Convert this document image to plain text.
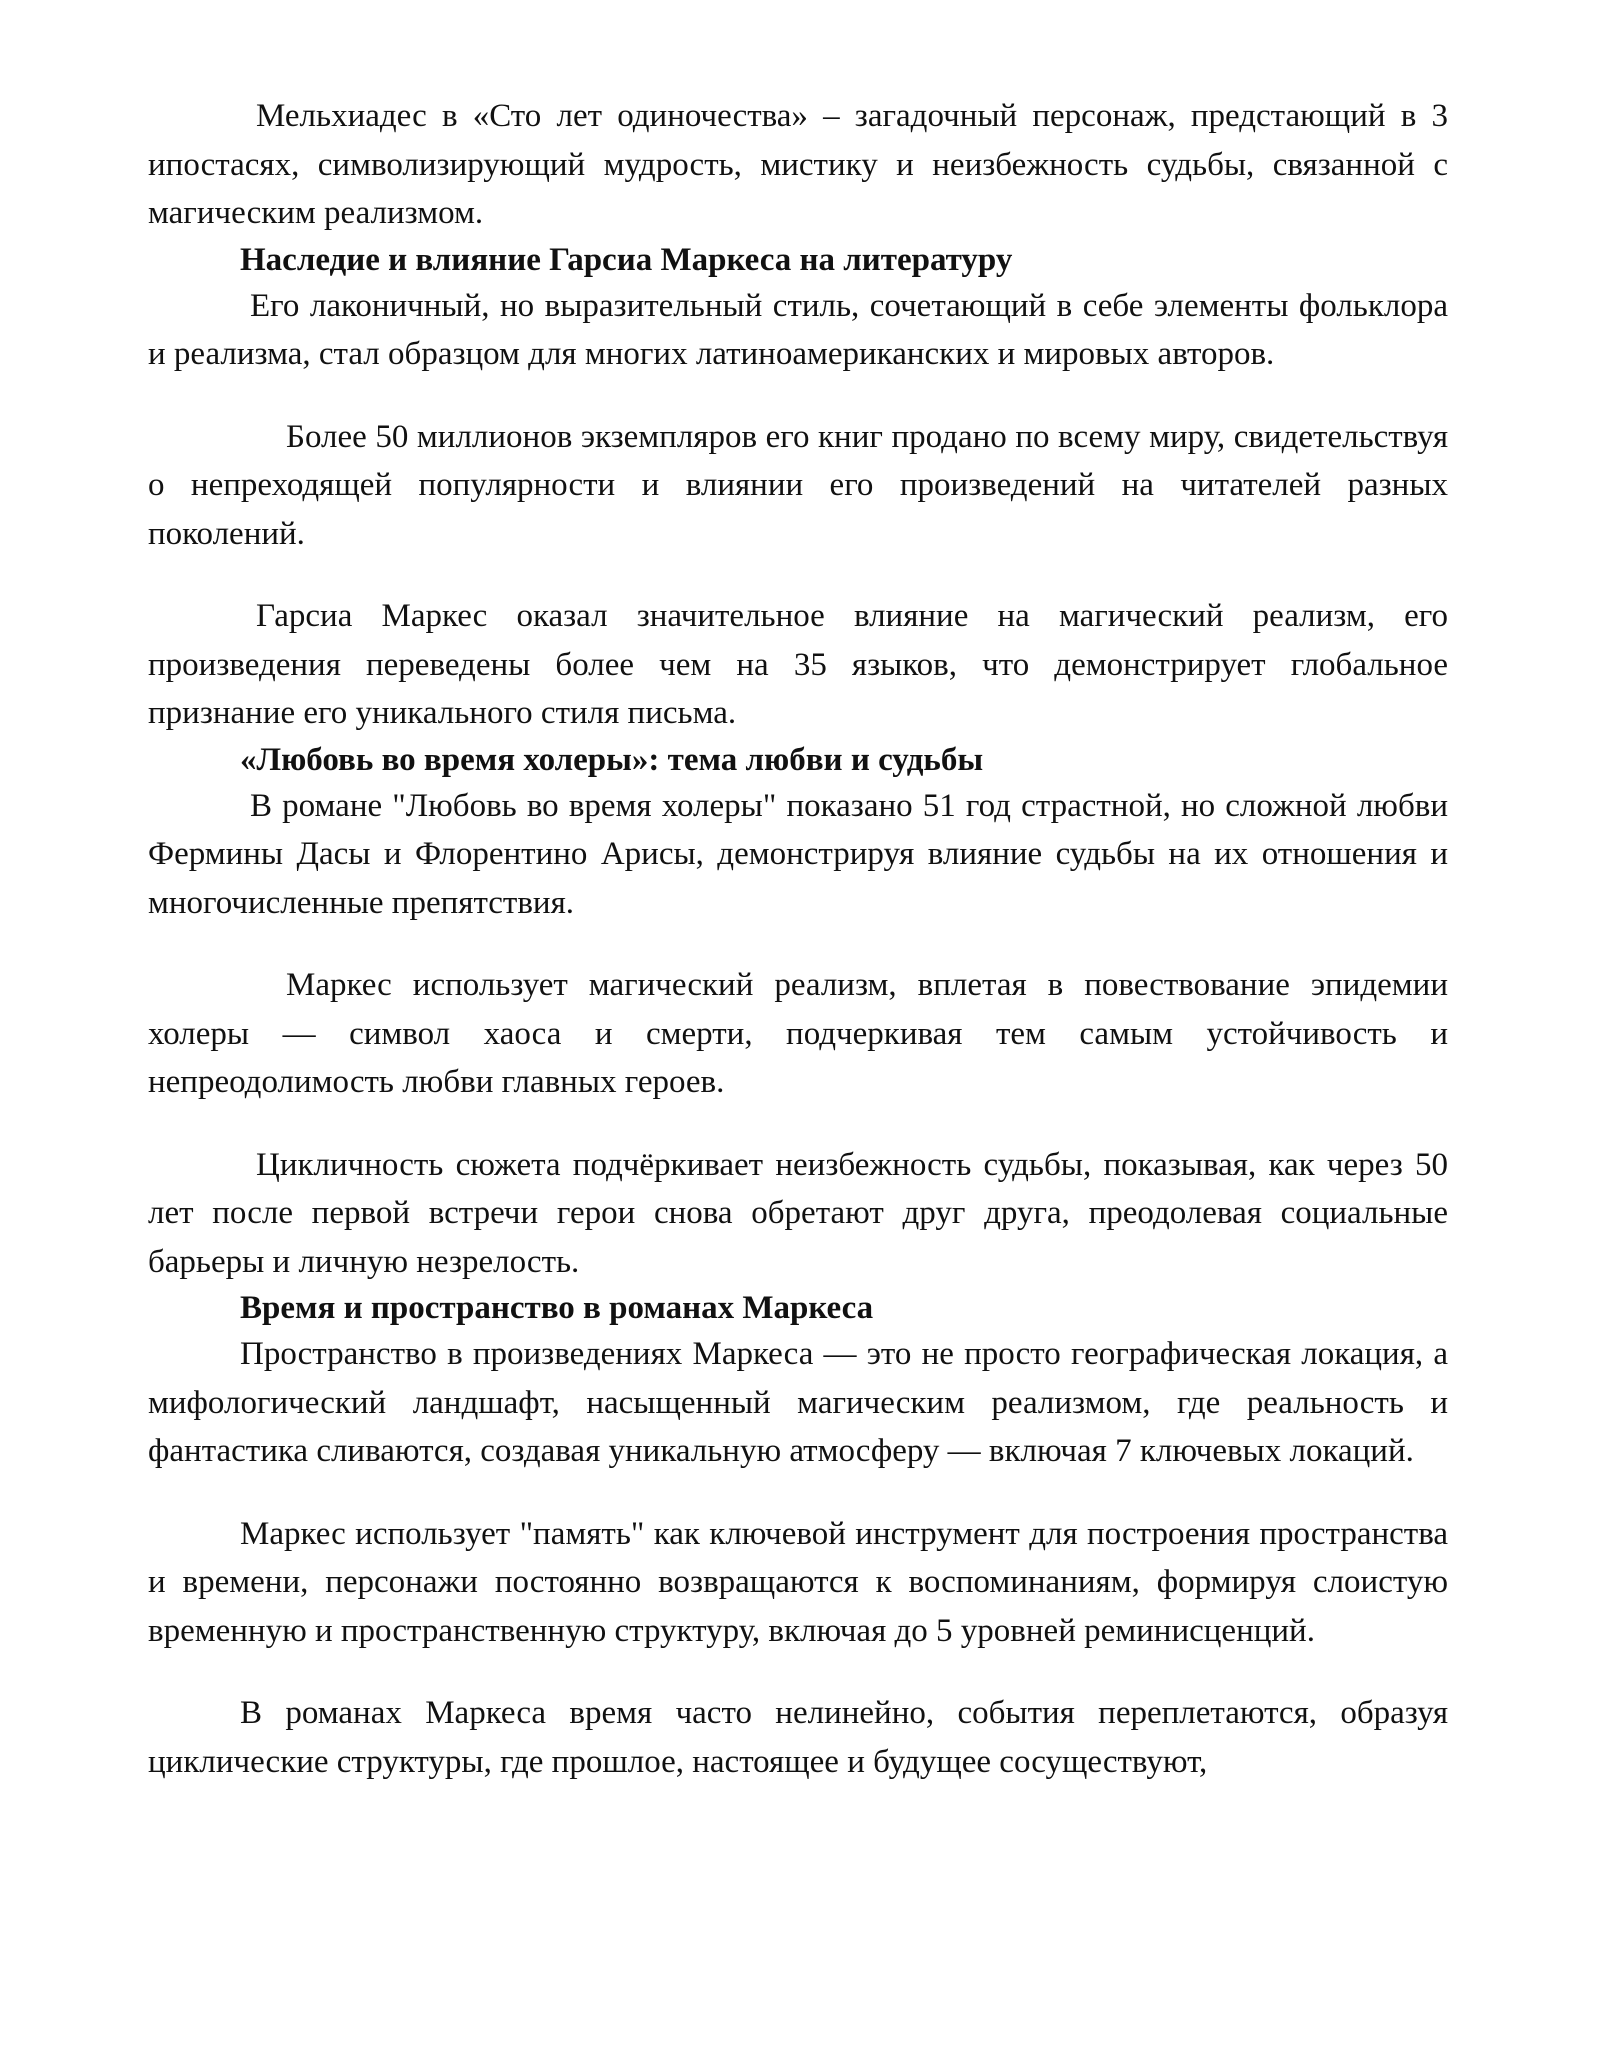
Мельхиадес в «Сто лет одиночества» – загадочный персонаж, предстающий в 3 ипостасях, символизирующий мудрость, мистику и неизбежность судьбы, связанной с магическим реализмом.

Наследие и влияние Гарсиа Маркеса на литературу

Его лаконичный, но выразительный стиль, сочетающий в себе элементы фольклора и реализма, стал образцом для многих латиноамериканских и мировых авторов.

Более 50 миллионов экземпляров его книг продано по всему миру, свидетельствуя о непреходящей популярности и влиянии его произведений на читателей разных поколений.

Гарсиа Маркес оказал значительное влияние на магический реализм, его произведения переведены более чем на 35 языков, что демонстрирует глобальное признание его уникального стиля письма.

«Любовь во время холеры»: тема любви и судьбы

В романе "Любовь во время холеры" показано 51 год страстной, но сложной любви Фермины Дасы и Флорентино Арисы, демонстрируя влияние судьбы на их отношения и многочисленные препятствия.

Маркес использует магический реализм, вплетая в повествование эпидемии холеры — символ хаоса и смерти, подчеркивая тем самым устойчивость и непреодолимость любви главных героев.

Цикличность сюжета подчёркивает неизбежность судьбы, показывая, как через 50 лет после первой встречи герои снова обретают друг друга, преодолевая социальные барьеры и личную незрелость.

Время и пространство в романах Маркеса

Пространство в произведениях Маркеса — это не просто географическая локация, а мифологический ландшафт, насыщенный магическим реализмом, где реальность и фантастика сливаются, создавая уникальную атмосферу — включая 7 ключевых локаций.

Маркес использует "память" как ключевой инструмент для построения пространства и времени, персонажи постоянно возвращаются к воспоминаниям, формируя слоистую временную и пространственную структуру, включая до 5 уровней реминисценций.

В романах Маркеса время часто нелинейно, события переплетаются, образуя циклические структуры, где прошлое, настоящее и будущее сосуществуют,
